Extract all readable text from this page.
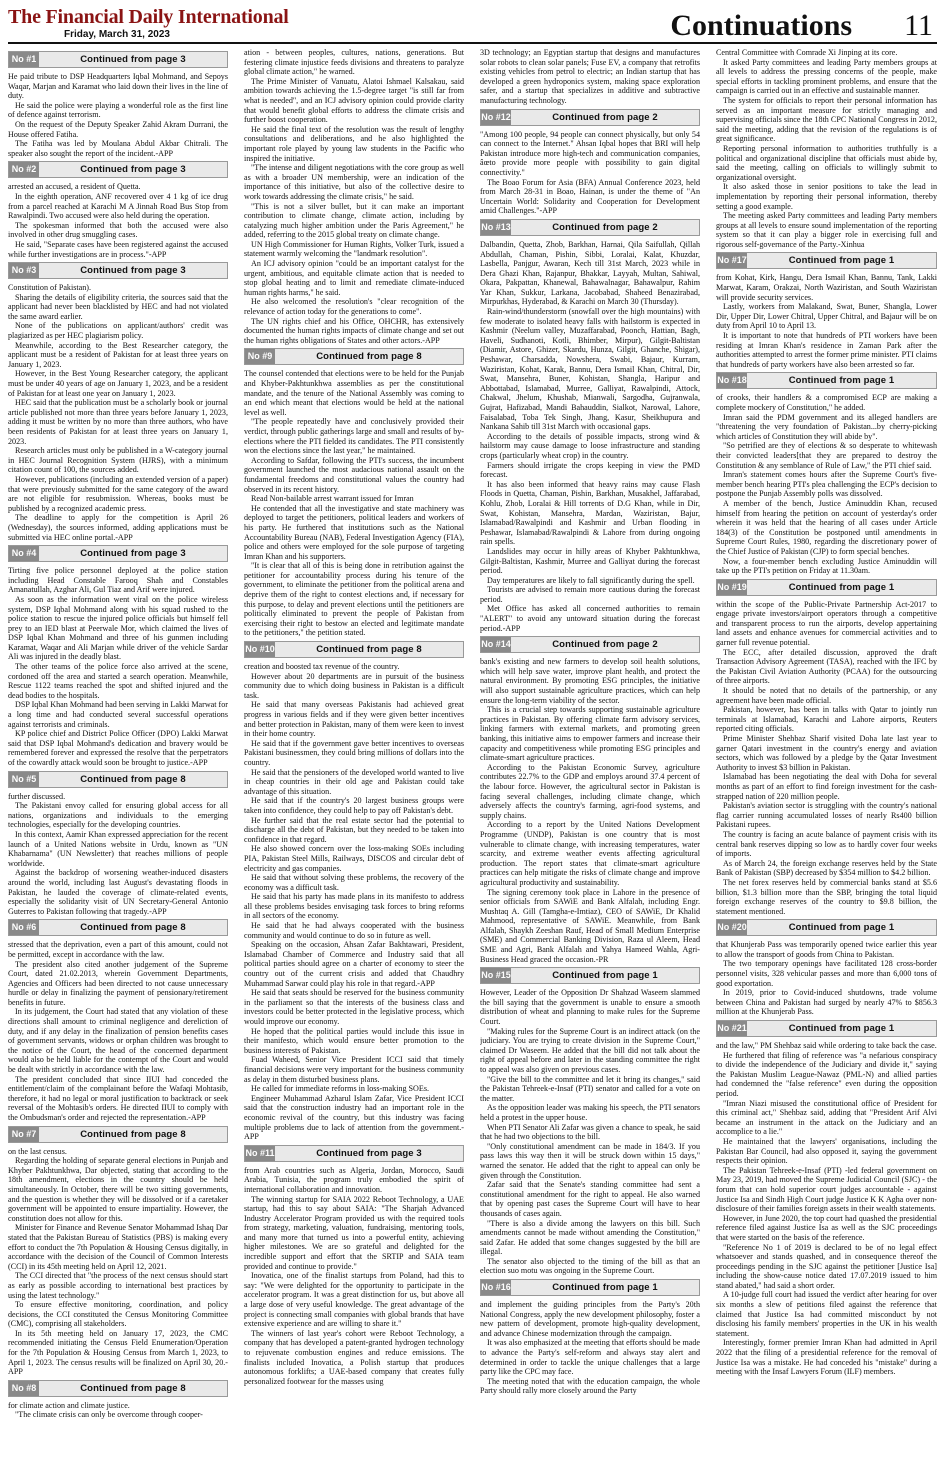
The Financial Daily International
Friday, March 31, 2023	Continuations 11
No #1	Continued from page 3

He paid tribute to DSP Headquarters Iqbal Mohmand, and Sepoys Waqar, Marjan and Karamat who laid down their lives in the line of duty.

He said the police were playing a wonderful role as the first line of defence against terrorism.

On the request of the Deputy Speaker Zahid Akram Durrani, the House offered Fatiha.

The Fatiha was led by Moulana Abdul Akbar Chitrali. The speaker also sought the report of the incident.-APP

No #2	Continued from page 3

arrested an accused, a resident of Quetta.

In the eighth operation, ANF recovered over 4 1 kg of ice drug from a parcel reached at Karachi M A Jinnah Road Bus Stop from Rawalpindi. Two accused were also held during the operation.

The spokesman informed that both the accused were also involved in other drug smuggling cases.

He said, "Separate cases have been registered against the accused while further investigations are in process."-APP

No #3	Continued from page 3

Constitution of Pakistan).

Sharing the details of eligibility criteria, the sources said that the applicant had never been blacklisted by HEC and had not violated the same award earlier.

None of the publications on applicant/authors' credit was plagiarized as per HEC plagiarism policy.

Meanwhile, according to the Best Researcher category, the applicant must be a resident of Pakistan for at least three years on January 1, 2023.

However, in the Best Young Researcher category, the applicant must be under 40 years of age on January 1, 2023, and be a resident of Pakistan for at least one year on January 1, 2023.

HEC said that the publication must be a scholarly book or journal article published not more than three years before January 1, 2023, adding it must be written by no more than three authors, who have been residents of Pakistan for at least three years on January 1, 2023.

Research articles must only be published in a W-category journal in HEC Journal Recognition System (HJRS), with a minimum citation count of 100, the sources added.

However, publications (including an extended version of a paper) that were previously submitted for the same category of the award are not eligible for resubmission. Whereas, books must be published by a recognized academic press.

The deadline to apply for the competition is April 26 (Wednesday), the sources informed, adding applications must be submitted via HEC online portal.-APP

No #4	Continued from page 3

Tirting five police personnel deployed at the police station including Head Constable Farooq Shah and Constables Amanatullah, Azghar Ali, Gul Tiaz and Arif were injured.

As soon as the information went viral on the police wireless system, DSP Iqbal Mohmand along with his squad rushed to the police station to rescue the injured police officials but himself fell prey to an IED blast at Peerwale Mor, which claimed the lives of DSP Iqbal Khan Mohmand and three of his gunmen including Karamat, Waqar and Ali Marjan while driver of the vehicle Sardar Ali was injured in the deadly blast.

The other teams of the police force also arrived at the scene, cordoned off the area and started a search operation. Meanwhile, Rescue 1122 teams reached the spot and shifted injured and the dead bodies to the hospitals.

DSP Iqbal Khan Mohmand had been serving in Lakki Marwat for a long time and had conducted several successful operations against terrorists and criminals.

KP police chief and District Police Officer (DPO) Lakki Marwat said that DSP Iqbal Mohmand's dedication and bravery would be remembered forever and expressed the resolve that the perpetrators of the cowardly attack would soon be brought to justice.-APP

No #5	Continued from page 8

further discussed.

The Pakistani envoy called for ensuring global access for all nations, organizations and individuals to the emerging technologies, especially for the developing countries.

In this context, Aamir Khan expressed appreciation for the recent launch of a United Nations website in Urdu, known as "UN Khabarnama" (UN Newsletter) that reaches millions of people worldwide.

Against the backdrop of worsening weather-induced disasters around the world, including last August's devastating floods in Pakistan, he lauded the coverage of climate-related events, especially the solidarity visit of UN Secretary-General Antonio Guterres to Pakistan following that tragedy.-APP

No #6	Continued from page 8

stressed that the deprivation, even a part of this amount, could not be permitted, except in accordance with the law.

The president also cited another judgement of the Supreme Court, dated 21.02.2013, wherein Government Departments, Agencies and Officers had been directed to not cause unnecessary hurdle or delay in finalizing the payment of pensionary/retirement benefits in future.

In its judgement, the Court had stated that any violation of these directions shall amount to criminal negligence and dereliction of duty, and if any delay in the finalization of pension benefits cases of government servants, widows or orphan children was brought to the notice of the Court, the head of the concerned department would also be held liable for the contempt of the Court and would be dealt with strictly in accordance with the law.

The president concluded that since IIUI had conceded the entitlement/claim of the complainant before the Wafaqi Mohtasib, therefore, it had no legal or moral justification to backtrack or seek reversal of the Mohtasib's orders. He directed IIUI to comply with the Ombudsman's order and rejected the representation.-APP

No #7	Continued from page 8

on the last census.

Regarding the holding of separate general elections in Punjab and Khyber Pakhtunkhwa, Dar objected, stating that according to the 18th amendment, elections in the country should be held simultaneously. In October, there will be two sitting governments, and the question is whether they will be dissolved or if a caretaker government will be appointed to ensure impartiality. However, the constitution does not allow for this.

Minister for Finance and Revenue Senator Mohammad Ishaq Dar stated that the Pakistan Bureau of Statistics (PBS) is making every effort to conduct the 7th Population & Housing Census digitally, in accordance with the decision of the Council of Common Interests (CCI) in its 45th meeting held on April 12, 2021.

The CCI directed that "the process of the next census should start as early as possible according to international best practices by using the latest technology."

To ensure effective monitoring, coordination, and policy decisions, the CCI constituted the Census Monitoring Committee (CMC), comprising all stakeholders.

In its 5th meeting held on January 17, 2023, the CMC recommended initiating the Census Field Enumeration/Operation for the 7th Population & Housing Census from March 1, 2023, to April 1, 2023. The census results will be finalized on April 30, 20.-APP

No #8	Continued from page 8

for climate action and climate justice.

"The climate crisis can only be overcome through cooper-

ation - between peoples, cultures, nations, generations. But festering climate injustice feeds divisions and threatens to paralyze global climate action," he warned.

The Prime Minister of Vanuatu, Alatoi Ishmael Kalsakau, said ambition towards achieving the 1.5-degree target "is still far from what is needed", and an ICJ advisory opinion could provide clarity that would benefit global efforts to address the climate crisis and further boost cooperation.

He said the final text of the resolution was the result of lengthy consultations and deliberations, and he also highlighted the important role played by young law students in the Pacific who inspired the initiative.

"The intense and diligent negotiations with the core group as well as with a broader UN membership, were an indication of the importance of this initiative, but also of the collective desire to work towards addressing the climate crisis," he said.

"This is not a silver bullet, but it can make an important contribution to climate change, climate action, including by catalyzing much higher ambition under the Paris Agreement," he added, referring to the 2015 global treaty on climate change.

UN High Commissioner for Human Rights, Volker Turk, issued a statement warmly welcoming the "landmark resolution".

An ICJ advisory opinion "could be an important catalyst for the urgent, ambitious, and equitable climate action that is needed to stop global heating and to limit and remediate climate-induced human rights harms," he said.

He also welcomed the resolution's "clear recognition of the relevance of action today for the generations to come".

The UN rights chief and his Office, OHCHR, has extensively documented the human rights impacts of climate change and set out the human rights obligations of States and other actors.-APP

No #9	Continued from page 8

The counsel contended that elections were to be held for the Punjab and Khyber-Pakhtunkhwa assemblies as per the constitutional mandate, and the tenure of the National Assembly was coming to an end which meant that elections would be held at the national level as well.

"The people repeatedly have and conclusively provided their verdict, through public gatherings large and small and results of by-elections where the PTI fielded its candidates. The PTI consistently won the elections since the last year," he maintained.

According to Safdar, following the PTI's success, the incumbent government launched the most audacious national assault on the fundamental freedoms and constitutional values the country had observed in its recent history.

Read Non-bailable arrest warrant issued for Imran

He contended that all the investigative and state machinery was deployed to target the petitioners, political leaders and workers of his party. He furthered that institutions such as the National Accountability Bureau (NAB), Federal Investigation Agency (FIA), police and others were employed for the sole purpose of targeting Imran Khan and his supporters.

"It is clear that all of this is being done in retribution against the petitioner for accountability process during his tenure of the government, to eliminate the petitioner from the political arena and deprive them of the right to contest elections and, if necessary for this purpose, to delay and prevent elections until the petitioners are politically eliminated to prevent the people of Pakistan from exercising their right to bestow an elected and legitimate mandate to the petitioners," the petition stated.

No #10	Continued from page 8

creation and boosted tax revenue of the country.

However about 20 departments are in pursuit of the business community due to which doing business in Pakistan is a difficult task.

He said that many overseas Pakistanis had achieved great progress in various fields and if they were given better incentives and better protection in Pakistan, many of them were keen to invest in their home country.

He said that if the government gave better incentives to overseas Pakistani businessmen, they could bring millions of dollars into the country.

He said that the pensioners of the developed world wanted to live in cheap countries in their old age and Pakistan could take advantage of this situation.

He said that if the country's 20 largest business groups were taken into confidence, they could help to pay off Pakistan's debt.

He further said that the real estate sector had the potential to discharge all the debt of Pakistan, but they needed to be taken into confidence in that regard.

He also showed concern over the loss-making SOEs including PIA, Pakistan Steel Mills, Railways, DISCOS and circular debt of electricity and gas companies.

He said that without solving these problems, the recovery of the economy was a difficult task.

He said that his party has made plans in its manifesto to address all these problems besides envisaging task forces to bring reforms in all sectors of the economy.

He said that he had always cooperated with the business community and would continue to do so in future as well.

Speaking on the occasion, Ahsan Zafar Bakhtawari, President, Islamabad Chamber of Commerce and Industry said that all political parties should agree on a charter of economy to steer the country out of the current crisis and added that Chaudhry Muhammad Sarwar could play his role in that regard.-APP

He said that seats should be reserved for the business community in the parliament so that the interests of the business class and investors could be better protected in the legislative process, which would improve our economy.

He hoped that the political parties would include this issue in their manifesto, which would ensure better promotion to the business interests of Pakistan.

Fuad Waheed, Senior Vice President ICCI said that timely financial decisions were very important for the business community as delay in them disturbed business plans.

He called for immediate reforms in loss-making SOEs.

Engineer Muhammad Azharul Islam Zafar, Vice President ICCI said that the construction industry had an important role in the economic revival of the country, but this industry was facing multiple problems due to lack of attention from the government.-APP

No #11	Continued from page 3

from Arab countries such as Algeria, Jordan, Morocco, Saudi Arabia, Tunisia, the program truly embodied the spirit of international collaboration and innovation.

The winning startup for SAIA 2022 Reboot Technology, a UAE startup, had this to say about SAIA: "The Sharjah Advanced Industry Accelerator Program provided us with the required tools from strategy, marketing, valuation, fundraising, mentoring tools, and many more that turned us into a powerful entity, achieving higher milestones. We are so grateful and delighted for the incredible support and effort that the SRTIP and SAIA team provided and continue to provide."

Inovatica, one of the finalist startups from Poland, had this to say: "We were delighted for the opportunity to participate in the accelerator program. It was a great distinction for us, but above all a large dose of very useful knowledge. The great advantage of the project is connecting small companies with global brands that have extensive experience and are willing to share it."

The winners of last year's cohort were Reboot Technology, a company that has developed a patent-granted hydrogen technology to rejuvenate combustion engines and reduce emissions. The finalists included Inovatica, a Polish startup that produces autonomous forklifts; a UAE-based company that creates fully personalized footwear for the masses using

3D technology; an Egyptian startup that designs and manufactures solar robots to clean solar panels; Fuse EV, a company that retrofits existing vehicles from petrol to electric; an Indian startup that has developed a green hydroponics system, making space exploration safer, and a startup that specializes in additive and subtractive manufacturing technology.

No #12	Continued from page 2

"Among 100 people, 94 people can connect physically, but only 54 can connect to the Internet." Ahsan Iqbal hopes that BRI will help Pakistan introduce more high-tech and communication companies, âœto provide more people with possibility to gain digital connectivity."

The Boao Forum for Asia (BFA) Annual Conference 2023, held from March 28-31 in Boao, Hainan, is under the theme of "An Uncertain World: Solidarity and Cooperation for Development amid Challenges."-APP

No #13	Continued from page 2

Dalbandin, Quetta, Zhob, Barkhan, Harnai, Qila Saifullah, Qillah Abdullah, Chaman, Pishin, Sibbi, Loralai, Kalat, Khuzdar, Lasbella, Panjgur, Awaran, Kech till 31st March, 2023 while in Dera Ghazi Khan, Rajanpur, Bhakkar, Layyah, Multan, Sahiwal, Okara, Pakpattan, Khanewal, Bahawalnagar, Bahawalpur, Rahim Yar Khan, Sukkur, Larkana, Jacobabad, Shaheed Benazirabad, Mirpurkhas, Hyderabad, & Karachi on March 30 (Thursday).

Rain-wind/thunderstorm (snowfall over the high mountains) with few moderate to isolated heavy falls with hailstorm is expected in Kashmir (Neelum valley, Muzaffarabad, Poonch, Hattian, Bagh, Haveli, Sudhanoti, Kotli, Bhimber, Mirpur), Gilgit-Baltistan (Diamir, Astore, Ghizer, Skardu, Hunza, Gilgit, Ghanche, Shigar), Peshawar, Charsadda, Nowshera, Swabi, Bajaur, Kurram, Waziristan, Kohat, Karak, Bannu, Dera Ismail Khan, Chitral, Dir, Swat, Mansehra, Buner, Kohistan, Shangla, Haripur and Abbottabad, Islamabad, Murree, Galliyat, Rawalpindi, Attock, Chakwal, Jhelum, Khushab, Mianwali, Sargodha, Gujranwala, Gujrat, Hafizabad, Mandi Bahauddin, Sialkot, Narowal, Lahore, Faisalabad, Toba Tek Singh, Jhang, Kasur, Sheikhupura and Nankana Sahib till 31st March with occasional gaps.

According to the details of possible impacts, strong wind & hailstorm may cause damage to loose infrastructure and standing crops (particularly wheat crop) in the country.

Farmers should irrigate the crops keeping in view the PMD forecast.

It has also been informed that heavy rains may cause Flash Floods in Quetta, Chaman, Pishin, Barkhan, Musakhel, Jaffarabad, Kohlu, Zhob, Loralai & Hill torrents of D.G Khan, while in Dir, Swat, Kohistan, Mansehra, Mardan, Waziristan, Bajur, Islamabad/Rawalpindi and Kashmir and Urban flooding in Peshawar, Islamabad/Rawalpindi & Lahore from during ongoing rain spells.

Landslides may occur in hilly areas of Khyber Pakhtunkhwa, Gilgit-Baltistan, Kashmir, Murree and Galliyat during the forecast period.

Day temperatures are likely to fall significantly during the spell.

Tourists are advised to remain more cautious during the forecast period.

Met Office has asked all concerned authorities to remain "ALERT" to avoid any untoward situation during the forecast period.-APP

No #14	Continued from page 2

bank's existing and new farmers to develop soil health solutions, which will help save water, improve plant health, and protect the natural environment. By promoting ESG principles, the initiative will also support sustainable agriculture practices, which can help ensure the long-term viability of the sector.

This is a crucial step towards supporting sustainable agriculture practices in Pakistan. By offering climate farm advisory services, linking farmers with external markets, and promoting green banking, this initiative aims to empower farmers and increase their capacity and competitiveness while promoting ESG principles and climate-smart agriculture practices.

According to the Pakistan Economic Survey, agriculture contributes 22.7% to the GDP and employs around 37.4 percent of the labour force. However, the agricultural sector in Pakistan is facing several challenges, including climate change, which adversely affects the country's farming, agri-food systems, and supply chains.

According to a report by the United Nations Development Programme (UNDP), Pakistan is one country that is most vulnerable to climate change, with increasing temperatures, water scarcity, and extreme weather events affecting agricultural production. The report states that climate-smart agriculture practices can help mitigate the risks of climate change and improve agricultural productivity and sustainability.

The signing ceremony took place in Lahore in the presence of senior officials from SAWiE and Bank Alfalah, including Engr. Mushtaq A. Gill (Tamgha-e-Imtiaz), CEO of SAWiE, Dr Khalid Mahmood, representative of SAWiE. Meanwhile, from Bank Alfalah, Shaykh Zeeshan Rauf, Head of Small Medium Enterprise (SME) and Commercial Banking Division, Raza ul Aleem, Head SME and Agri, Bank Alfalah and Yahya Hameed Wahla, Agri-Business Head graced the occasion.-PR

No #15	Continued from page 1

However, Leader of the Opposition Dr Shahzad Waseem slammed the bill saying that the government is unable to ensure a smooth distribution of wheat and planning to make rules for the Supreme Court.

"Making rules for the Supreme Court is an indirect attack (on the judiciary. You are trying to create division in the Supreme Court," claimed Dr Waseem. He added that the bill did not talk about the right of appeal before and later in the standing committee the right to appeal was also given on previous cases.

"Give the bill to the committee and let it bring its changes," said the Pakistan Tehreek-e-Insaf (PTI) senator and called for a vote on the matter.

As the opposition leader was making his speech, the PTI senators held a protest in the upper house.

When PTI Senator Ali Zafar was given a chance to speak, he said that he had two objections to the bill.

"Only constitutional amendment can be made in 184/3. If you pass laws this way then it will be struck down within 15 days," warned the senator. He added that the right to appeal can only be given through the Constitution.

Zafar said that the Senate's standing committee had sent a constitutional amendment for the right to appeal. He also warned that by opening past cases the Supreme Court will have to hear thousands of cases again.

"There is also a divide among the lawyers on this bill. Such amendments cannot be made without amending the Constitution," said Zafar. He added that some changes suggested by the bill are illegal.

The senator also objected to the timing of the bill as that an election suo motu was ongoing in the Supreme Court.

No #16	Continued from page 1

and implement the guiding principles from the Party's 20th National Congress, apply the new development philosophy, foster a new pattern of development, promote high-quality development, and advance Chinese modernization through the campaign.

It was also emphasized at the meeting that efforts should be made to advance the Party's self-reform and always stay alert and determined in order to tackle the unique challenges that a large party like the CPC may face.

The meeting noted that with the education campaign, the whole Party should rally more closely around the Party

Central Committee with Comrade Xi Jinping at its core.

It asked Party committees and leading Party members groups at all levels to address the pressing concerns of the people, make special efforts in tackling prominent problems, and ensure that the campaign is carried out in an effective and sustainable manner.

The system for officials to report their personal information has served as an important measure for strictly managing and supervising officials since the 18th CPC National Congress in 2012, said the meeting, adding that the revision of the regulations is of great significance.

Reporting personal information to authorities truthfully is a political and organizational discipline that officials must abide by, said the meeting, calling on officials to willingly submit to organizational oversight.

It also asked those in senior positions to take the lead in implementation by reporting their personal information, thereby setting a good example.

The meeting asked Party committees and leading Party members groups at all levels to ensure sound implementation of the reporting system so that it can play a bigger role in exercising full and rigorous self-governance of the Party.-Xinhua

No #17	Continued from page 1

from Kohat, Kirk, Hangu, Dera Ismail Khan, Bannu, Tank, Lakki Marwat, Karam, Orakzai, North Waziristan, and South Waziristan will provide security services.

Lastly, workers from Malakand, Swat, Buner, Shangla, Lower Dir, Upper Dir, Lower Chitral, Upper Chitral, and Bajaur will be on duty from April 10 to April 13.

It is important to note that hundreds of PTI workers have been residing at Imran Khan's residence in Zaman Park after the authorities attempted to arrest the former prime minister. PTI claims that hundreds of party workers have also been arrested so far.

No #18	Continued from page 1

of crooks, their handlers & a compromised ECP are making a complete mockery of Constitution," he added.

Imran said the PDM government and its alleged handlers are "threatening the very foundation of Pakistan...by cherry-picking which articles of Constitution they will abide by".

"So petrified are they of elections & so desperate to whitewash their convicted leaders[that they are prepared to destroy the Constitution & any semblance of Rule of Law," the PTI chief said.

Imran's statement comes hours after the Supreme Court's five-member bench hearing PTI's plea challenging the ECP's decision to postpone the Punjab Assembly polls was dissolved.

A member of the bench, Justice Aminuddin Khan, recused himself from hearing the petition on account of yesterday's order wherein it was held that the hearing of all cases under Article 184(3) of the Constitution be postponed until amendments in Supreme Court Rules, 1980, regarding the discretionary power of the Chief Justice of Pakistan (CJP) to form special benches.

Now, a four-member bench excluding Justice Aminuddin will take up the PTI's petition on Friday at 11.30am.

No #19	Continued from page 1

within the scope of the Public-Private Partnership Act-2017 to engage private investors/airport operators through a competitive and transparent process to run the airports, develop appertaining land assets and enhance avenues for commercial activities and to garner full revenue potential.

The ECC, after detailed discussion, approved the draft Transaction Advisory Agreement (TASA), reached with the IFC by the Pakistan Civil Aviation Authority (PCAA) for the outsourcing of three airports.

It should be noted that no details of the partnership, or any agreement have been made official.

Pakistan, however, has been in talks with Qatar to jointly run terminals at Islamabad, Karachi and Lahore airports, Reuters reported citing officials.

Prime Minister Shehbaz Sharif visited Doha late last year to garner Qatari investment in the country's energy and aviation sectors, which was followed by a pledge by the Qatar Investment Authority to invest $3 billion in Pakistan.

Islamabad has been negotiating the deal with Doha for several months as part of an effort to find foreign investment for the cash-strapped nation of 220 million people.

Pakistan's aviation sector is struggling with the country's national flag carrier running accumulated losses of nearly Rs400 billion Pakistani rupees.

The country is facing an acute balance of payment crisis with its central bank reserves dipping so low as to hardly cover four weeks of imports.

As of March 24, the foreign exchange reserves held by the State Bank of Pakistan (SBP) decreased by $354 million to $4.2 billion.

The net forex reserves held by commercial banks stand at $5.6 billion, $1.3 billion more than the SBP, bringing the total liquid foreign exchange reserves of the country to $9.8 billion, the statement mentioned.

No #20	Continued from page 1

that Khunjerab Pass was temporarily opened twice earlier this year to allow the transport of goods from China to Pakistan.

The two temporary openings have facilitated 128 cross-border personnel visits, 328 vehicular passes and more than 6,000 tons of good exportation.

In 2019, prior to Covid-induced shutdowns, trade volume between China and Pakistan had surged by nearly 47% to $856.3 million at the Khunjerab Pass.

No #21	Continued from page 1

and the law," PM Shehbaz said while ordering to take back the case.

He furthered that filing of reference was "a nefarious conspiracy to divide the independence of the Judiciary and divide it," saying the Pakistan Muslim League-Nawaz (PML-N) and allied parties had condemned the "false reference" even during the opposition period.

"Imran Niazi misused the constitutional office of President for this criminal act," Shehbaz said, adding that "President Arif Alvi became an instrument in the attack on the Judiciary and an accomplice to a lie."

He maintained that the lawyers' organisations, including the Pakistan Bar Council, had also opposed it, saying the government respects their opinion.

The Pakistan Tehreek-e-Insaf (PTI) -led federal government on May 23, 2019, had moved the Supreme Judicial Council (SJC) - the forum that can hold superior court judges accountable - against Justice Isa and Sindh High Court judge Justice K K Agha over non-disclosure of their families foreign assets in their wealth statements.

However, in June 2020, the top court had quashed the presidential reference filed against Justice Isa as well as the SJC proceedings that were started on the basis of the reference.

"Reference No 1 of 2019 is declared to be of no legal effect whatsoever and stands quashed, and in consequence thereof the proceedings pending in the SJC against the petitioner [Justice Isa] including the show-cause notice dated 17.07.2019 issued to him stand abated," had said a short order.

A 10-judge full court had issued the verdict after hearing for over six months a slew of petitions filed against the reference that claimed that Justice Isa had committed misconduct by not disclosing his family members' properties in the UK in his wealth statement.

Interestingly, former premier Imran Khan had admitted in April 2022 that the filing of a presidential reference for the removal of Justice Isa was a mistake. He had conceded his "mistake" during a meeting with the Insaf Lawyers Forum (ILF) members.
